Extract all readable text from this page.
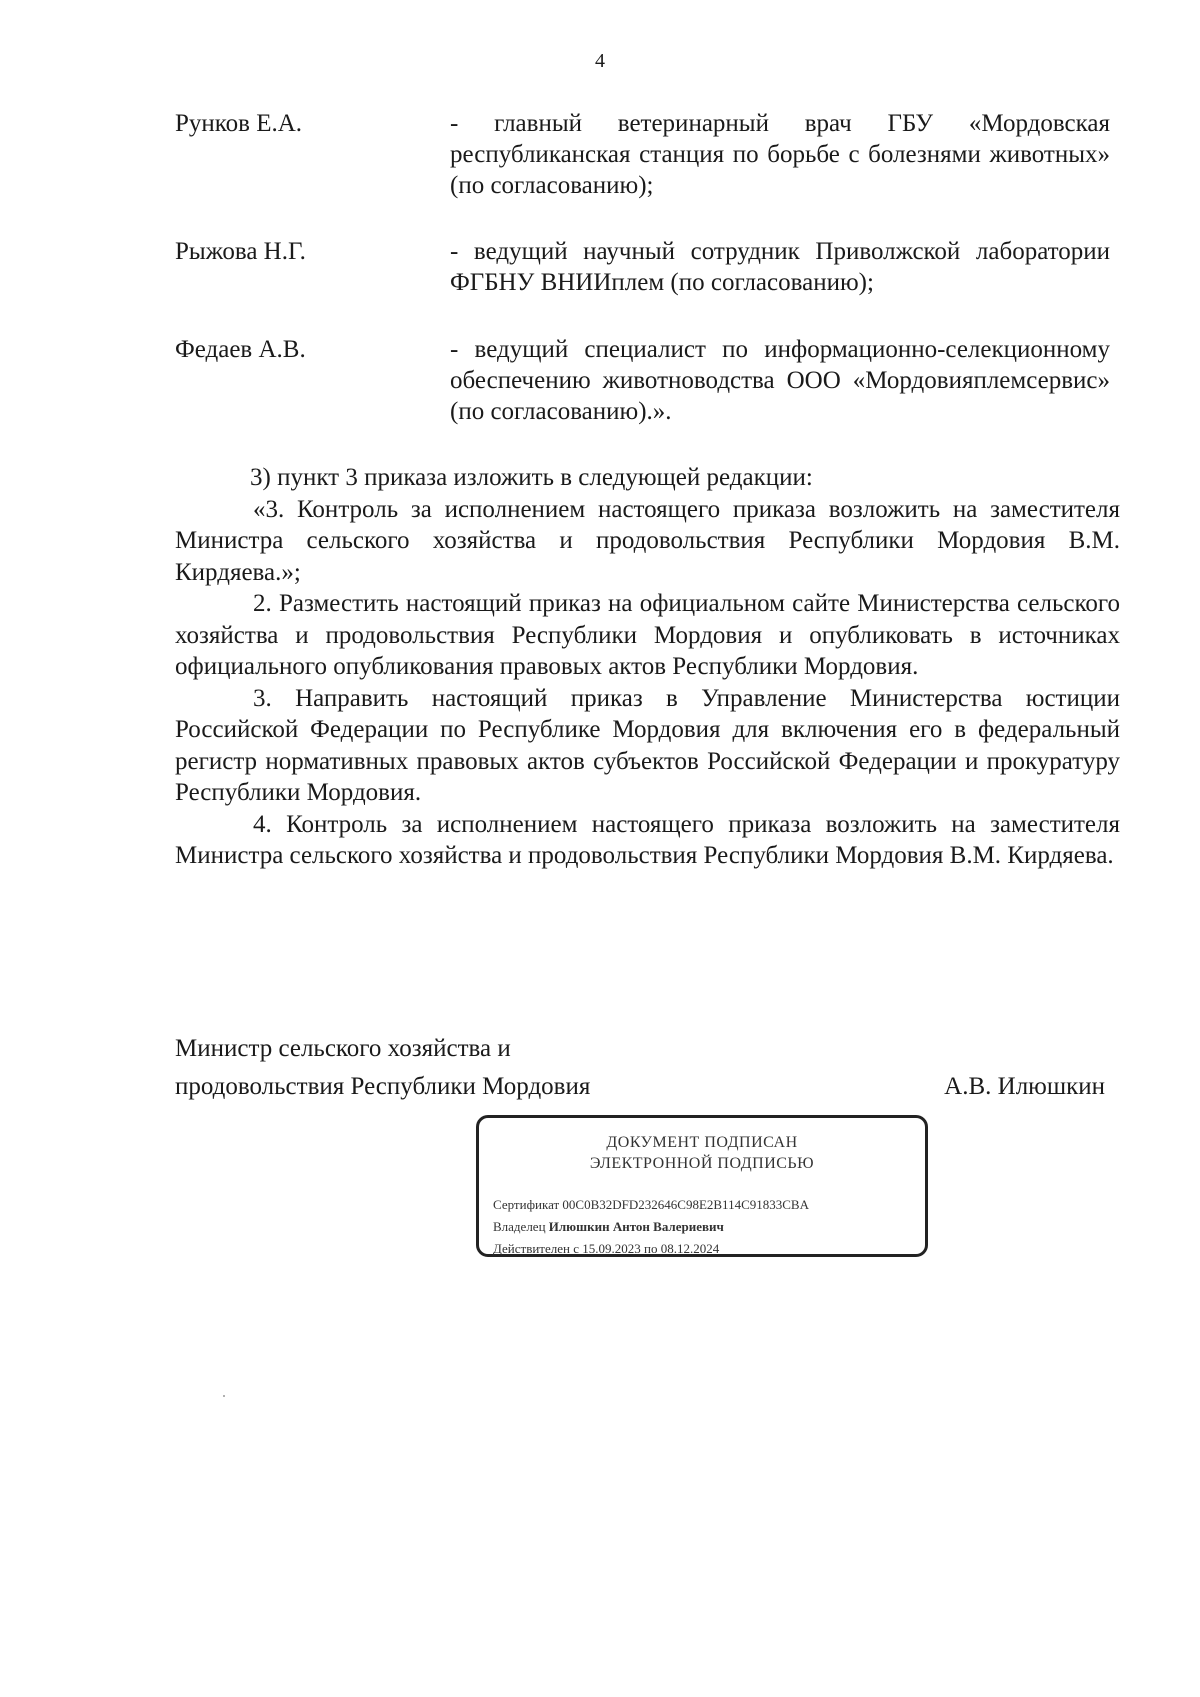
4
Рунков Е.А.	- главный ветеринарный врач ГБУ «Мордовская республиканская станция по борьбе с болезнями животных» (по согласованию);
Рыжова Н.Г.	- ведущий научный сотрудник Приволжской лаборатории ФГБНУ ВНИИплем (по согласованию);
Федаев А.В.	- ведущий специалист по информационно-селекционному обеспечению животноводства ООО «Мордовияплемсервис» (по согласованию).».

3) пункт 3 приказа изложить в следующей редакции:

«3. Контроль за исполнением настоящего приказа возложить на заместителя Министра сельского хозяйства и продовольствия Республики Мордовия В.М. Кирдяева.»;

2. Разместить настоящий приказ на официальном сайте Министерства сельского хозяйства и продовольствия Республики Мордовия и опубликовать в источниках официального опубликования правовых актов Республики Мордовия.

3. Направить настоящий приказ в Управление Министерства юстиции Российской Федерации по Республике Мордовия для включения его в федеральный регистр нормативных правовых актов субъектов Российской Федерации и прокуратуру Республики Мордовия.

4. Контроль за исполнением настоящего приказа возложить на заместителя Министра сельского хозяйства и продовольствия Республики Мордовия В.М. Кирдяева.

Министр сельского хозяйства и
продовольствия Республики Мордовия	А.В. Илюшкин
ДОКУМЕНТ ПОДПИСАН
ЭЛЕКТРОННОЙ ПОДПИСЬЮ
Сертификат 00C0B32DFD232646C98E2B114C91833CBA
Владелец Илюшкин Антон Валериевич
Действителен с 15.09.2023 по 08.12.2024
